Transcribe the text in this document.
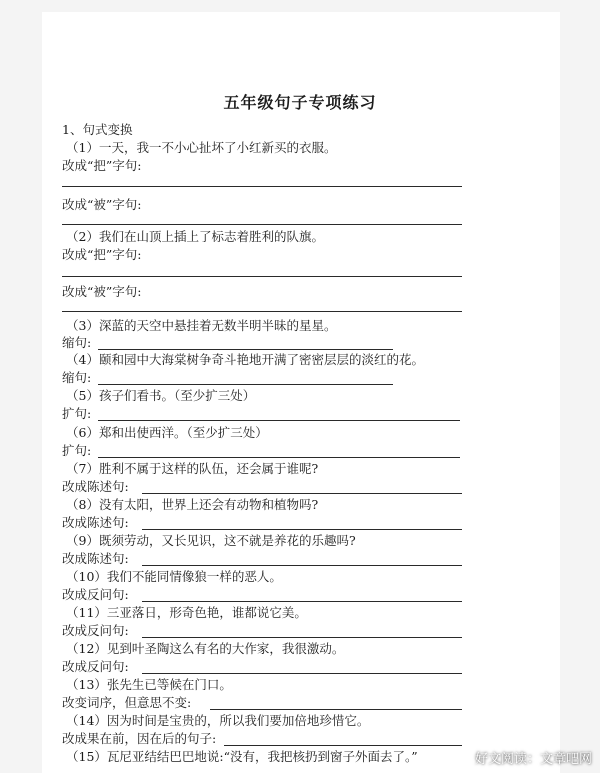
五年级句子专项练习
1、句式变换
（1）一天，我一不小心扯坏了小红新买的衣服。
改成“把”字句:
改成“被”字句:
（2）我们在山顶上插上了标志着胜利的队旗。
改成“把”字句:
改成“被”字句:
（3）深蓝的天空中悬挂着无数半明半昧的星星。
缩句:
（4）颐和园中大海棠树争奇斗艳地开满了密密层层的淡红的花。
缩句:
（5）孩子们看书。（至少扩三处）
扩句:
（6）郑和出使西洋。（至少扩三处）
扩句:
（7）胜利不属于这样的队伍，还会属于谁呢?
改成陈述句:
（8）没有太阳，世界上还会有动物和植物吗?
改成陈述句:
（9）既须劳动，又长见识，这不就是养花的乐趣吗?
改成陈述句:
（10）我们不能同情像狼一样的恶人。
改成反问句:
（11）三亚落日，形奇色艳，谁都说它美。
改成反问句:
（12）见到叶圣陶这么有名的大作家，我很激动。
改成反问句:
（13）张先生已等候在门口。
改变词序，但意思不变:
（14）因为时间是宝贵的，所以我们要加倍地珍惜它。
改成果在前，因在后的句子:
（15）瓦尼亚结结巴巴地说:“没有，我把核扔到窗子外面去了。”	好文阅读：文章吧网
